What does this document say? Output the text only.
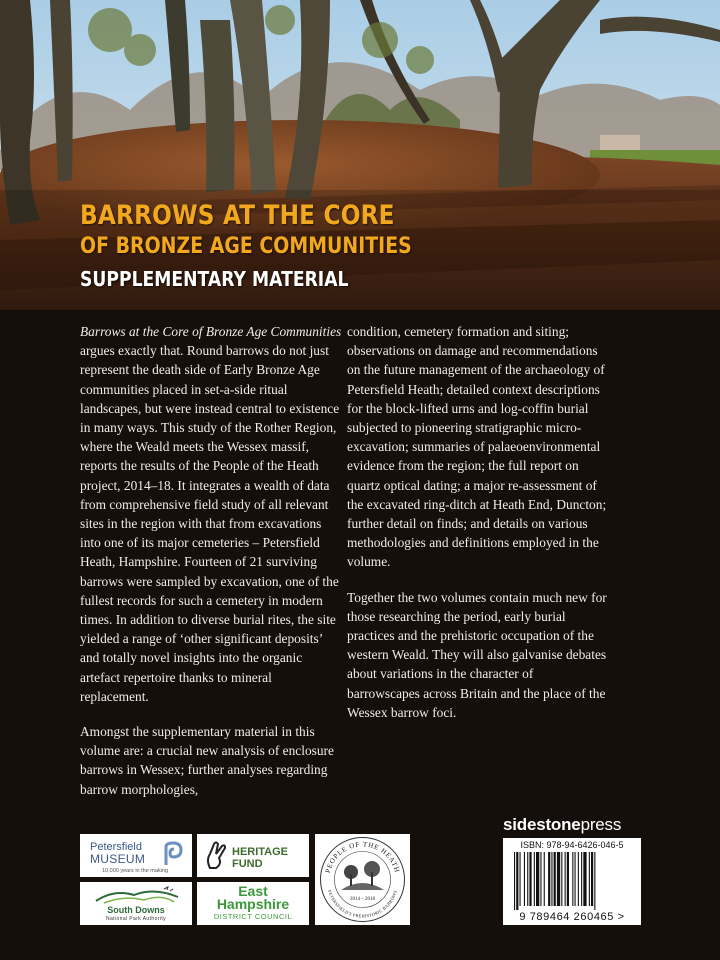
BARROWS AT THE CORE
OF BRONZE AGE COMMUNITIES
SUPPLEMENTARY MATERIAL

Barrows at the Core of Bronze Age Communities argues exactly that. Round barrows do not just represent the death side of Early Bronze Age communities placed in set-a-side ritual landscapes, but were instead central to existence in many ways. This study of the Rother Region, where the Weald meets the Wessex massif, reports the results of the People of the Heath project, 2014–18. It integrates a wealth of data from comprehensive field study of all relevant sites in the region with that from excavations into one of its major cemeteries – Petersfield Heath, Hampshire. Fourteen of 21 surviving barrows were sampled by excavation, one of the fullest records for such a cemetery in modern times. In addition to diverse burial rites, the site yielded a range of ‘other significant deposits’ and totally novel insights into the organic artefact repertoire thanks to mineral replacement.

Amongst the supplementary material in this volume are: a crucial new analysis of enclosure barrows in Wessex; further analyses regarding barrow morphologies,

condition, cemetery formation and siting; observations on damage and recommendations on the future management of the archaeology of Petersfield Heath; detailed context descriptions for the block-lifted urns and log-coffin burial subjected to pioneering stratigraphic micro-excavation; summaries of palaeoenvironmental evidence from the region; the full report on quartz optical dating; a major re-assessment of the excavated ring-ditch at Heath End, Duncton; further detail on finds; and details on various methodologies and definitions employed in the volume.

Together the two volumes contain much new for those researching the period, early burial practices and the prehistoric occupation of the western Weald. They will also galvanise debates about variations in the character of barrowscapes across Britain and the place of the Wessex barrow foci.

Petersfield
MUSEUM
10,000 years in the making
HERITAGE
FUND
South Downs
National Park Authority
East
Hampshire
DISTRICT COUNCIL
PEOPLE OF THE HEATH
PETERSFIELD'S PREHISTORIC BARROWS
2014 – 2018
sidestonepress
ISBN: 978-94-6426-046-5
9 789464 260465 >
